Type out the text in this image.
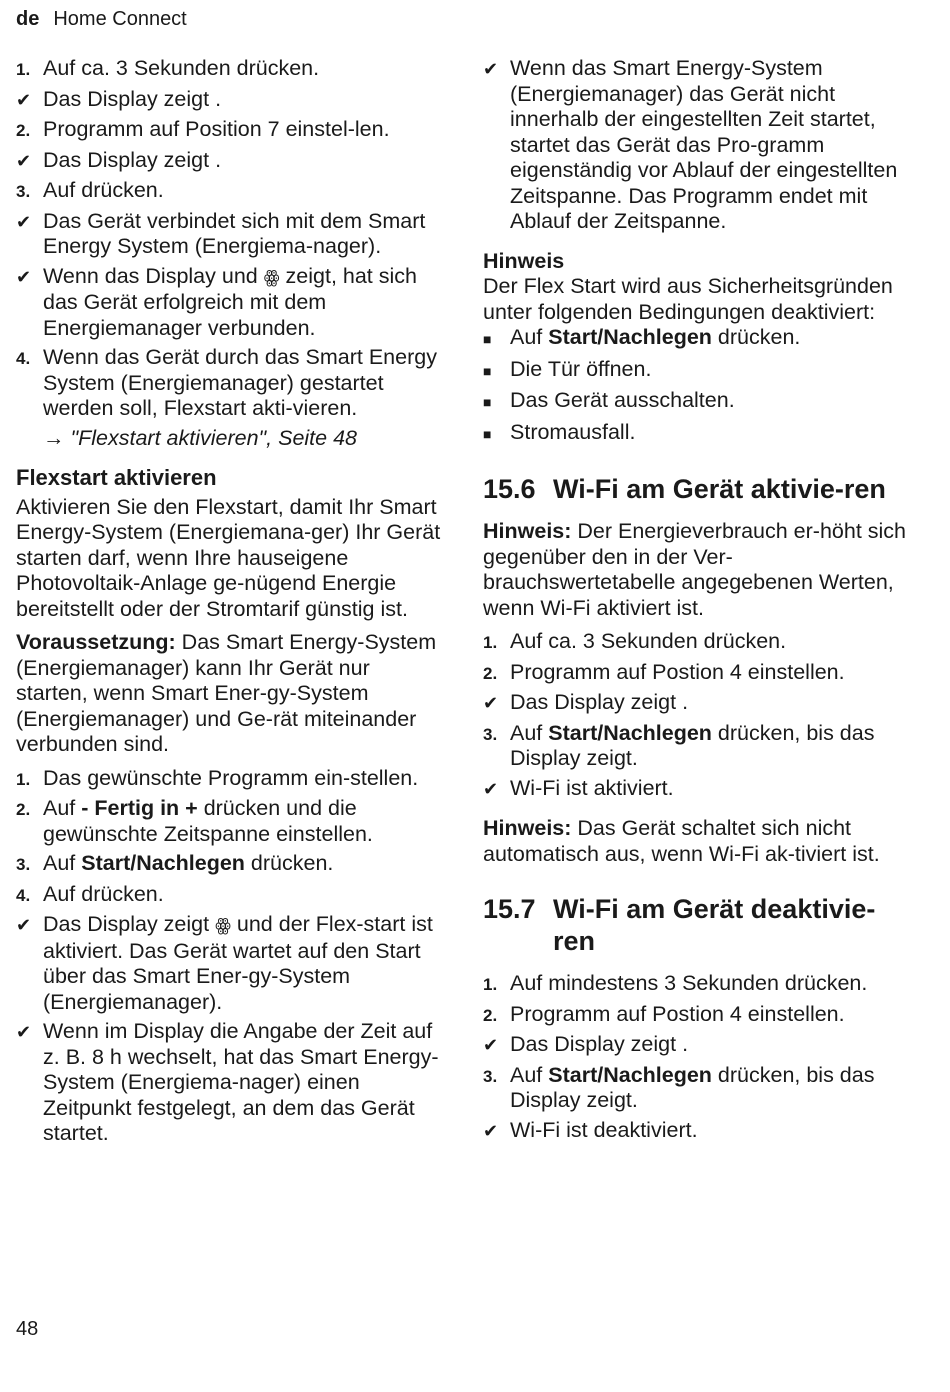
de Home Connect
1. Auf ca. 3 Sekunden drücken.
✔ Das Display zeigt .
2. Programm auf Position 7 einstel-len.
✔ Das Display zeigt .
3. Auf drücken.
✔ Das Gerät verbindet sich mit dem Smart Energy System (Energiema-nager).
✔ Wenn das Display und ꙮ zeigt, hat sich das Gerät erfolgreich mit dem Energiemanager verbunden.
4. Wenn das Gerät durch das Smart Energy System (Energiemanager) gestartet werden soll, Flexstart akti-vieren.
→ "Flexstart aktivieren", Seite 48
Flexstart aktivieren
Aktivieren Sie den Flexstart, damit Ihr Smart Energy-System (Energiemana-ger) Ihr Gerät starten darf, wenn Ihre hauseigene Photovoltaik-Anlage ge-nügend Energie bereitstellt oder der Stromtarif günstig ist.
Voraussetzung: Das Smart Energy-System (Energiemanager) kann Ihr Gerät nur starten, wenn Smart Ener-gy-System (Energiemanager) und Ge-rät miteinander verbunden sind.
1. Das gewünschte Programm ein-stellen.
2. Auf - Fertig in + drücken und die gewünschte Zeitspanne einstellen.
3. Auf Start/Nachlegen drücken.
4. Auf drücken.
✔ Das Display zeigt ꙮ und der Flex-start ist aktiviert. Das Gerät wartet auf den Start über das Smart Ener-gy-System (Energiemanager).
✔ Wenn im Display die Angabe der Zeit auf z. B. 8 h wechselt, hat das Smart Energy-System (Energiema-nager) einen Zeitpunkt festgelegt, an dem das Gerät startet.
✔ Wenn das Smart Energy-System (Energiemanager) das Gerät nicht innerhalb der eingestellten Zeit startet, startet das Gerät das Pro-gramm eigenständig vor Ablauf der eingestellten Zeitspanne. Das Programm endet mit Ablauf der Zeitspanne.
Hinweis
Der Flex Start wird aus Sicherheitsgründen unter folgenden Bedingungen deaktiviert:
■ Auf Start/Nachlegen drücken.
■ Die Tür öffnen.
■ Das Gerät ausschalten.
■ Stromausfall.
15.6 Wi-Fi am Gerät aktivie-ren
Hinweis: Der Energieverbrauch er-höht sich gegenüber den in der Ver-brauchswertetabelle angegebenen Werten, wenn Wi-Fi aktiviert ist.
1. Auf ca. 3 Sekunden drücken.
2. Programm auf Postion 4 einstellen.
✔ Das Display zeigt .
3. Auf Start/Nachlegen drücken, bis das Display zeigt.
✔ Wi-Fi ist aktiviert.
Hinweis: Das Gerät schaltet sich nicht automatisch aus, wenn Wi-Fi ak-tiviert ist.
15.7 Wi-Fi am Gerät deaktivie-ren
1. Auf mindestens 3 Sekunden drücken.
2. Programm auf Postion 4 einstellen.
✔ Das Display zeigt .
3. Auf Start/Nachlegen drücken, bis das Display zeigt.
✔ Wi-Fi ist deaktiviert.
48
